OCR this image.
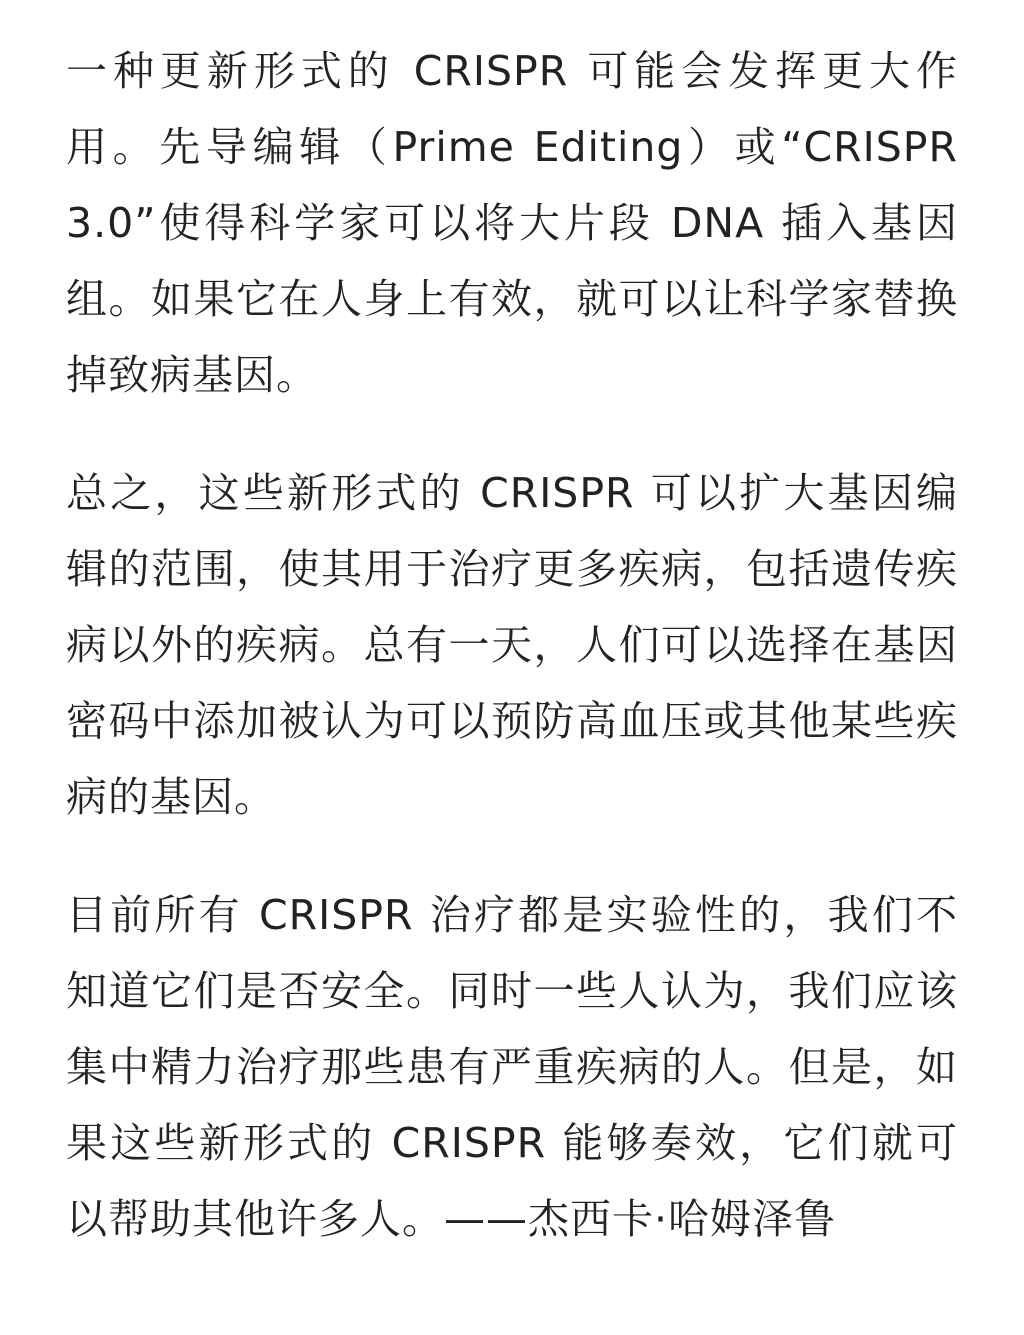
一种更新形式的 CRISPR 可能会发挥更大作用。先导编辑（Prime Editing）或“CRISPR 3.0”使得科学家可以将大片段 DNA 插入基因组。如果它在人身上有效，就可以让科学家替换掉致病基因。

总之，这些新形式的 CRISPR 可以扩大基因编辑的范围，使其用于治疗更多疾病，包括遗传疾病以外的疾病。总有一天，人们可以选择在基因密码中添加被认为可以预防高血压或其他某些疾病的基因。

目前所有 CRISPR 治疗都是实验性的，我们不知道它们是否安全。同时一些人认为，我们应该集中精力治疗那些患有严重疾病的人。但是，如果这些新形式的 CRISPR 能够奏效，它们就可以帮助其他许多人。——杰西卡·哈姆泽鲁
